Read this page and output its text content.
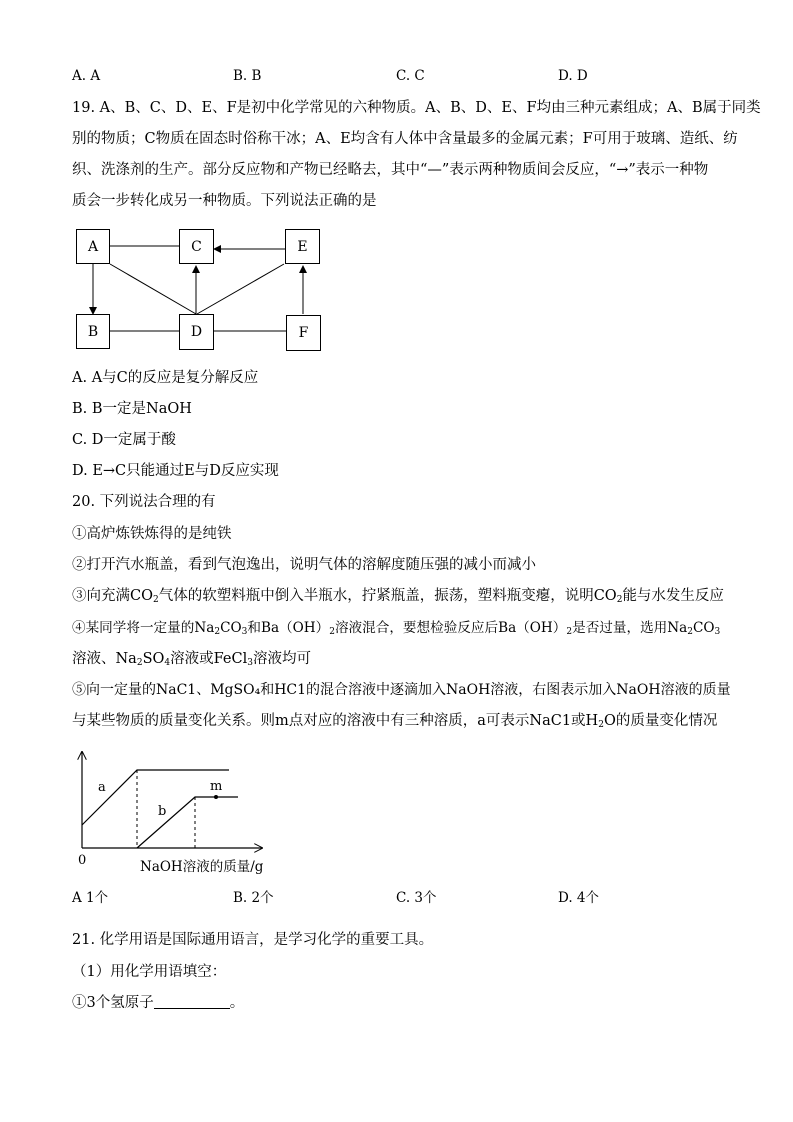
A. A	B. B	C. C	D. D
19. A、B、C、D、E、F是初中化学常见的六种物质。A、B、D、E、F均由三种元素组成；A、B属于同类
别的物质；C物质在固态时俗称干冰；A、E均含有人体中含量最多的金属元素；F可用于玻璃、造纸、纺
织、洗涤剂的生产。部分反应物和产物已经略去，其中“—”表示两种物质间会反应，“→”表示一种物
质会一步转化成另一种物质。下列说法正确的是
A	C	E
B	D	F
A. A与C的反应是复分解反应
B. B一定是NaOH
C. D一定属于酸
D. E→C只能通过E与D反应实现
20. 下列说法合理的有
①高炉炼铁炼得的是纯铁
②打开汽水瓶盖，看到气泡逸出，说明气体的溶解度随压强的减小而减小
③向充满$CO_2$气体的软塑料瓶中倒入半瓶水，拧紧瓶盖，振荡，塑料瓶变瘪，说明$CO_2$能与水发生反应
④某同学将一定量的$Na_2CO_3$和$Ba(OH)_2$溶液混合，要想检验反应后$Ba(OH)_2$是否过量，选用$Na_2CO_3$
溶液、$Na_2SO_4$溶液或FeCl$_3$溶液均可
⑤向一定量的NaC1、MgSO₄和HC1的混合溶液中逐滴加入NaOH溶液，右图表示加入NaOH溶液的质量
与某些物质的质量变化关系。则m点对应的溶液中有三种溶质，a可表示NaC1或$H_2O$的质量变化情况
0
a
b
m
NaOH溶液的质量/g
A 1个	B. 2个	C. 3个	D. 4个
21. 化学用语是国际通用语言，是学习化学的重要工具。
（1）用化学用语填空：
①3个氢原子	。
